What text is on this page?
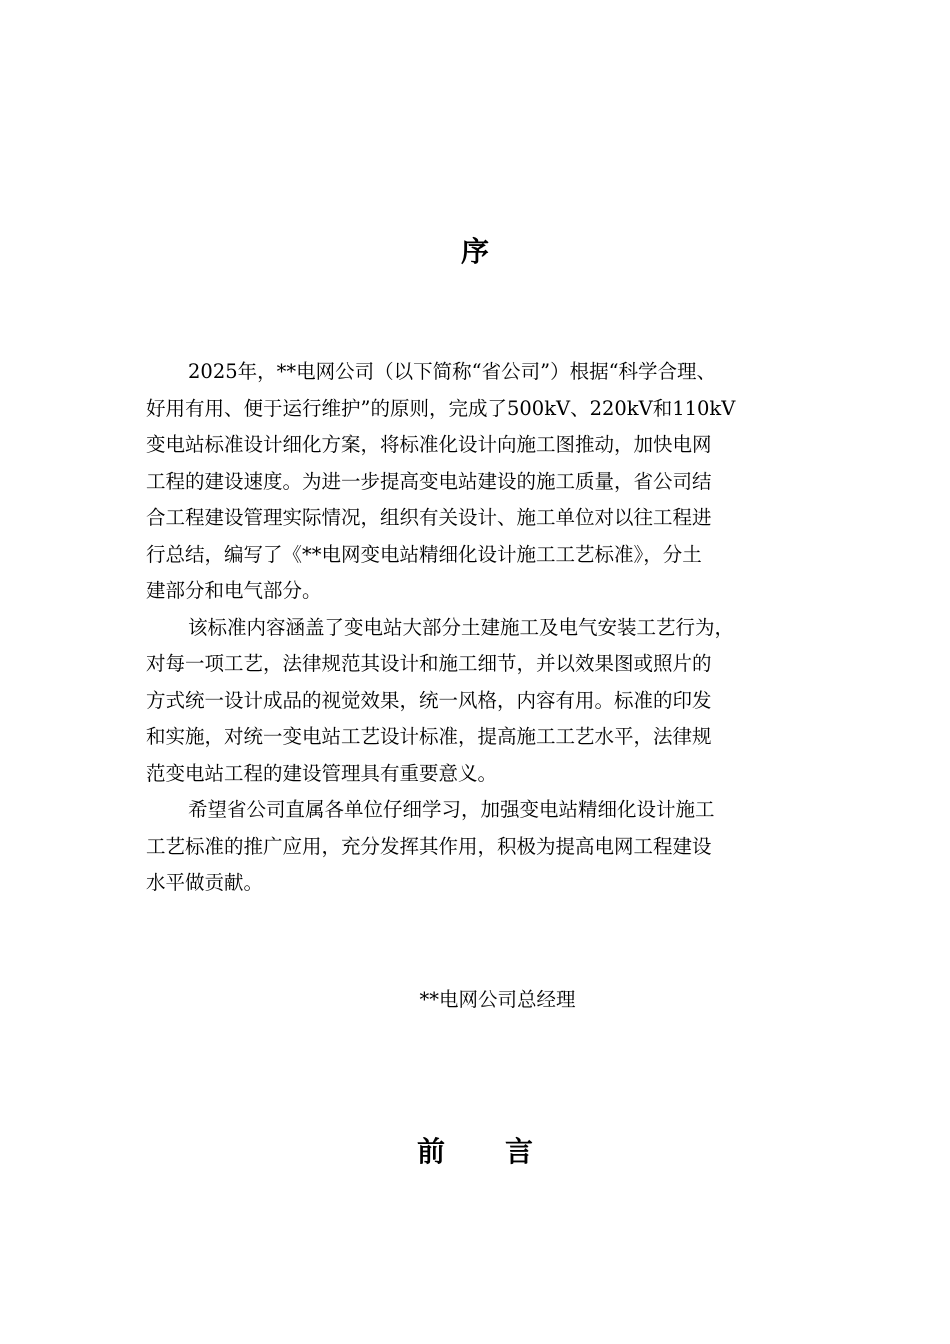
序
2025年，**电网公司（以下简称“省公司”）根据“科学合理、
好用有用、便于运行维护”的原则，完成了500kV、220kV和110kV
变电站标准设计细化方案，将标准化设计向施工图推动，加快电网
工程的建设速度。为进一步提高变电站建设的施工质量，省公司结
合工程建设管理实际情况，组织有关设计、施工单位对以往工程进
行总结，编写了《**电网变电站精细化设计施工工艺标准》，分土
建部分和电气部分。
该标准内容涵盖了变电站大部分土建施工及电气安装工艺行为，
对每一项工艺，法律规范其设计和施工细节，并以效果图或照片的
方式统一设计成品的视觉效果，统一风格，内容有用。标准的印发
和实施，对统一变电站工艺设计标准，提高施工工艺水平，法律规
范变电站工程的建设管理具有重要意义。
希望省公司直属各单位仔细学习，加强变电站精细化设计施工
工艺标准的推广应用，充分发挥其作用，积极为提高电网工程建设
水平做贡献。
**电网公司总经理
前 言
